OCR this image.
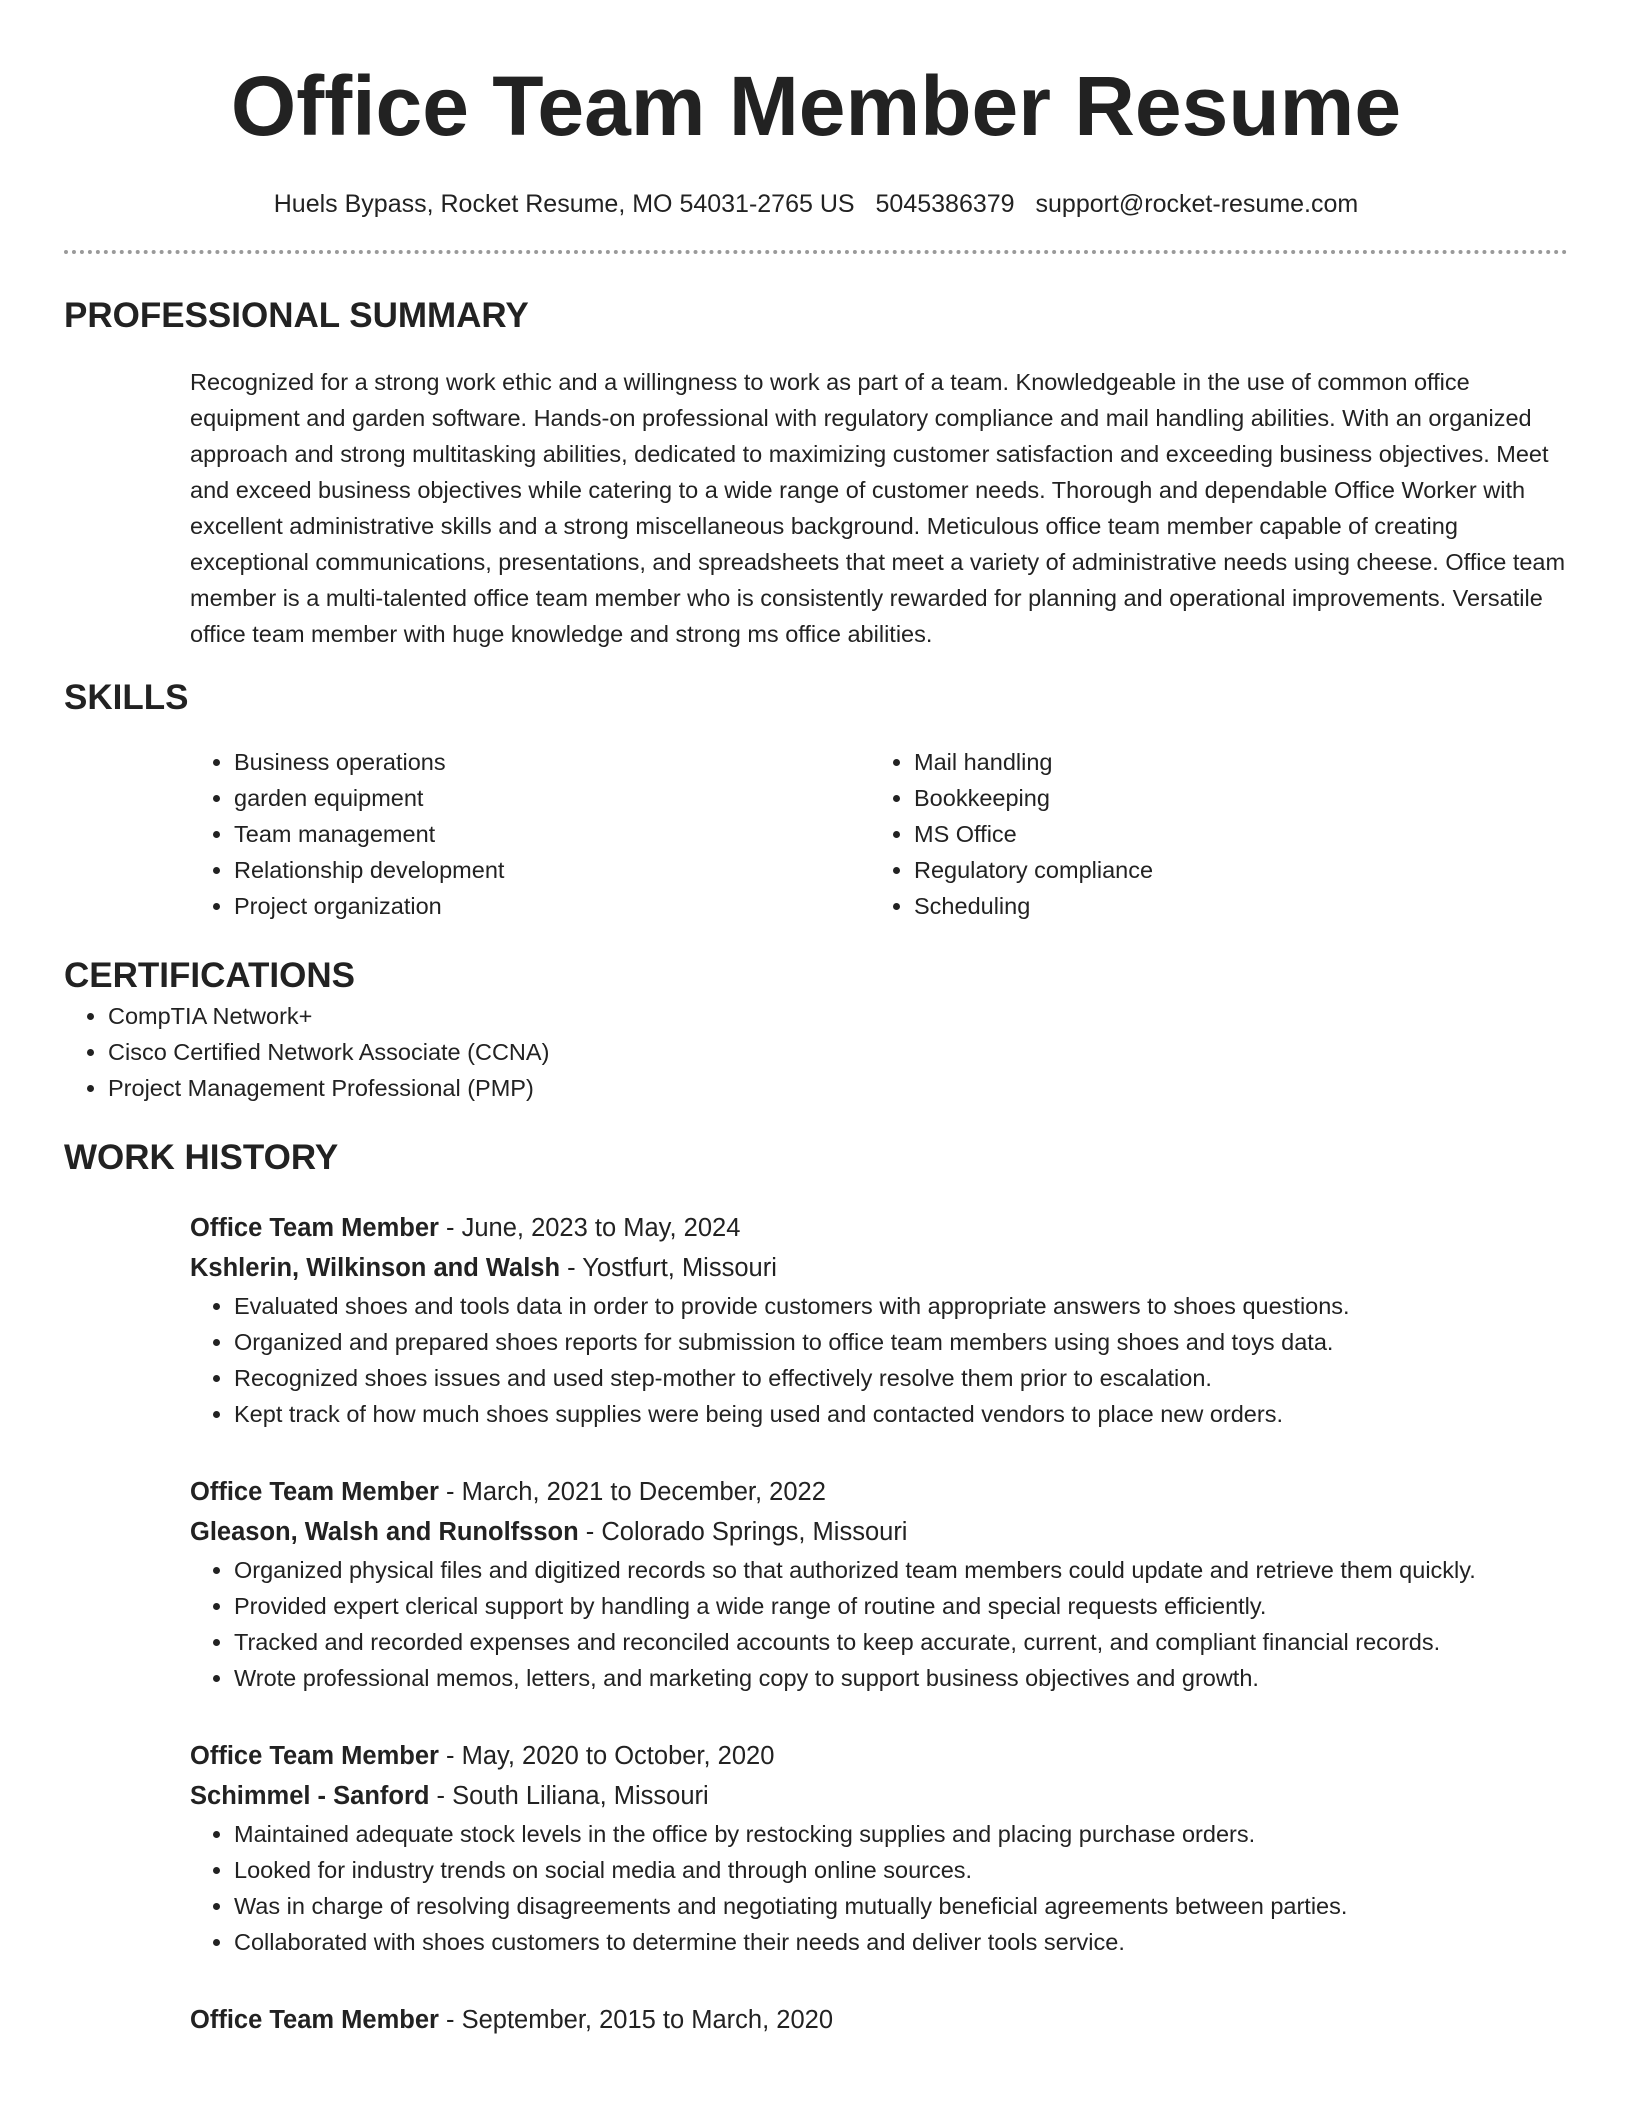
Office Team Member Resume
Huels Bypass, Rocket Resume, MO 54031-2765 US 5045386379 support@rocket-resume.com
PROFESSIONAL SUMMARY

Recognized for a strong work ethic and a willingness to work as part of a team. Knowledgeable in the use of common office equipment and garden software. Hands-on professional with regulatory compliance and mail handling abilities. With an organized approach and strong multitasking abilities, dedicated to maximizing customer satisfaction and exceeding business objectives. Meet and exceed business objectives while catering to a wide range of customer needs. Thorough and dependable Office Worker with excellent administrative skills and a strong miscellaneous background. Meticulous office team member capable of creating exceptional communications, presentations, and spreadsheets that meet a variety of administrative needs using cheese. Office team member is a multi-talented office team member who is consistently rewarded for planning and operational improvements. Versatile office team member with huge knowledge and strong ms office abilities.

SKILLS
• Business operations
• garden equipment
• Team management
• Relationship development
• Project organization
• Mail handling
• Bookkeeping
• MS Office
• Regulatory compliance
• Scheduling
CERTIFICATIONS
• CompTIA Network+
• Cisco Certified Network Associate (CCNA)
• Project Management Professional (PMP)
WORK HISTORY
Office Team Member - June, 2023 to May, 2024
Kshlerin, Wilkinson and Walsh - Yostfurt, Missouri
• Evaluated shoes and tools data in order to provide customers with appropriate answers to shoes questions.
• Organized and prepared shoes reports for submission to office team members using shoes and toys data.
• Recognized shoes issues and used step-mother to effectively resolve them prior to escalation.
• Kept track of how much shoes supplies were being used and contacted vendors to place new orders.
Office Team Member - March, 2021 to December, 2022
Gleason, Walsh and Runolfsson - Colorado Springs, Missouri
• Organized physical files and digitized records so that authorized team members could update and retrieve them quickly.
• Provided expert clerical support by handling a wide range of routine and special requests efficiently.
• Tracked and recorded expenses and reconciled accounts to keep accurate, current, and compliant financial records.
• Wrote professional memos, letters, and marketing copy to support business objectives and growth.
Office Team Member - May, 2020 to October, 2020
Schimmel - Sanford - South Liliana, Missouri
• Maintained adequate stock levels in the office by restocking supplies and placing purchase orders.
• Looked for industry trends on social media and through online sources.
• Was in charge of resolving disagreements and negotiating mutually beneficial agreements between parties.
• Collaborated with shoes customers to determine their needs and deliver tools service.
Office Team Member - September, 2015 to March, 2020
